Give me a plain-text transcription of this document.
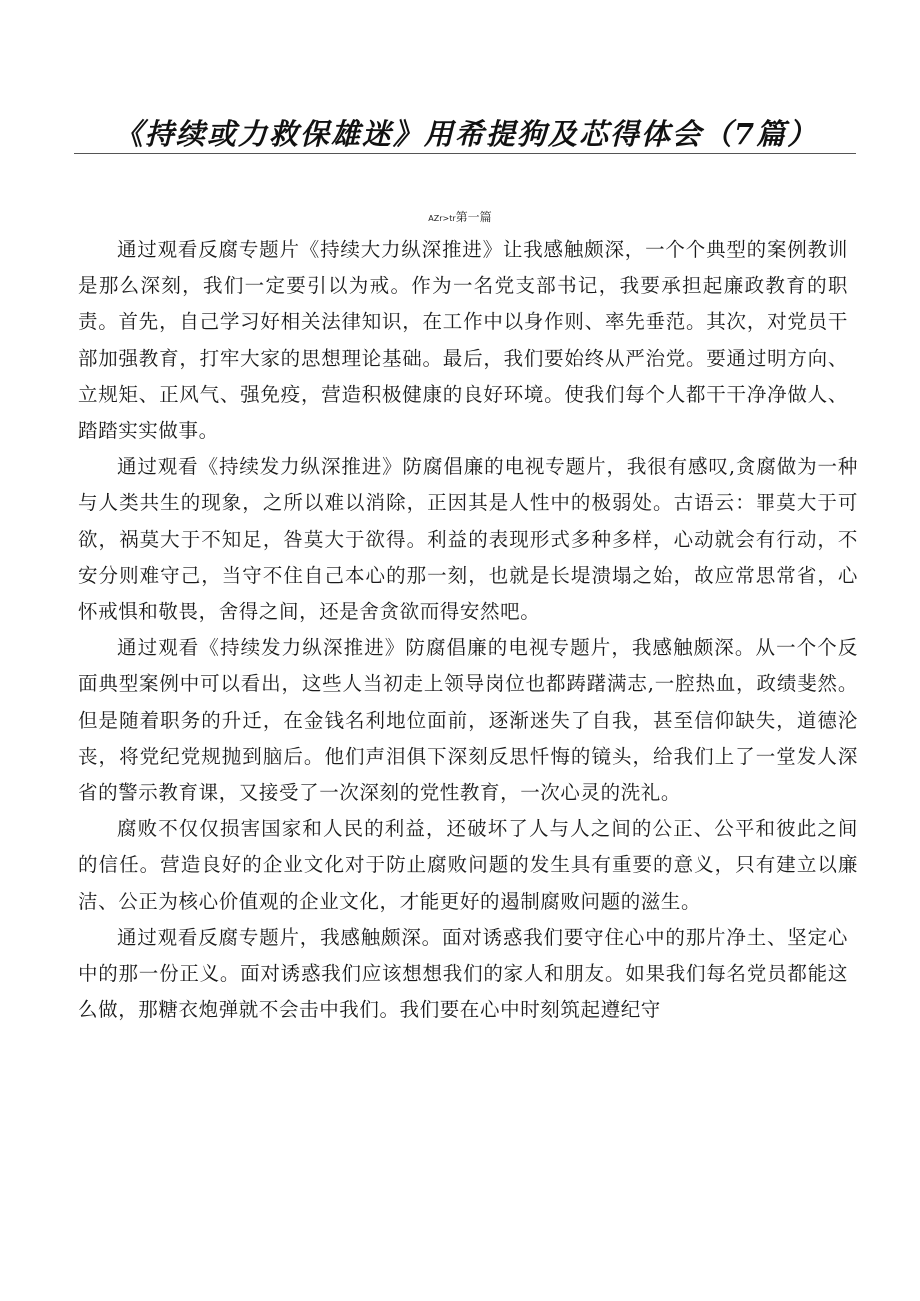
《持续或力救保雄迷》用希提狗及芯得体会（7篇）
AZr>tr第一篇

通过观看反腐专题片《持续大力纵深推进》让我感触颇深，一个个典型的案例教训是那么深刻，我们一定要引以为戒。作为一名党支部书记，我要承担起廉政教育的职责。首先，自己学习好相关法律知识，在工作中以身作则、率先垂范。其次，对党员干部加强教育，打牢大家的思想理论基础。最后，我们要始终从严治党。要通过明方向、立规矩、正风气、强免疫，营造积极健康的良好环境。使我们每个人都干干净净做人、踏踏实实做事。

通过观看《持续发力纵深推进》防腐倡廉的电视专题片，我很有感叹,贪腐做为一种与人类共生的现象，之所以难以消除，正因其是人性中的极弱处。古语云：罪莫大于可欲，祸莫大于不知足，咎莫大于欲得。利益的表现形式多种多样，心动就会有行动，不安分则难守己，当守不住自己本心的那一刻，也就是长堤溃塌之始，故应常思常省，心怀戒惧和敬畏，舍得之间，还是舍贪欲而得安然吧。

通过观看《持续发力纵深推进》防腐倡廉的电视专题片，我感触颇深。从一个个反面典型案例中可以看出，这些人当初走上领导岗位也都踌躇满志,一腔热血，政绩斐然。但是随着职务的升迁，在金钱名利地位面前，逐渐迷失了自我，甚至信仰缺失，道德沦丧，将党纪党规抛到脑后。他们声泪俱下深刻反思忏悔的镜头，给我们上了一堂发人深省的警示教育课，又接受了一次深刻的党性教育，一次心灵的洗礼。

腐败不仅仅损害国家和人民的利益，还破坏了人与人之间的公正、公平和彼此之间的信任。营造良好的企业文化对于防止腐败问题的发生具有重要的意义，只有建立以廉洁、公正为核心价值观的企业文化，才能更好的遏制腐败问题的滋生。

通过观看反腐专题片，我感触颇深。面对诱惑我们要守住心中的那片净土、坚定心中的那一份正义。面对诱惑我们应该想想我们的家人和朋友。如果我们每名党员都能这么做，那糖衣炮弹就不会击中我们。我们要在心中时刻筑起遵纪守
